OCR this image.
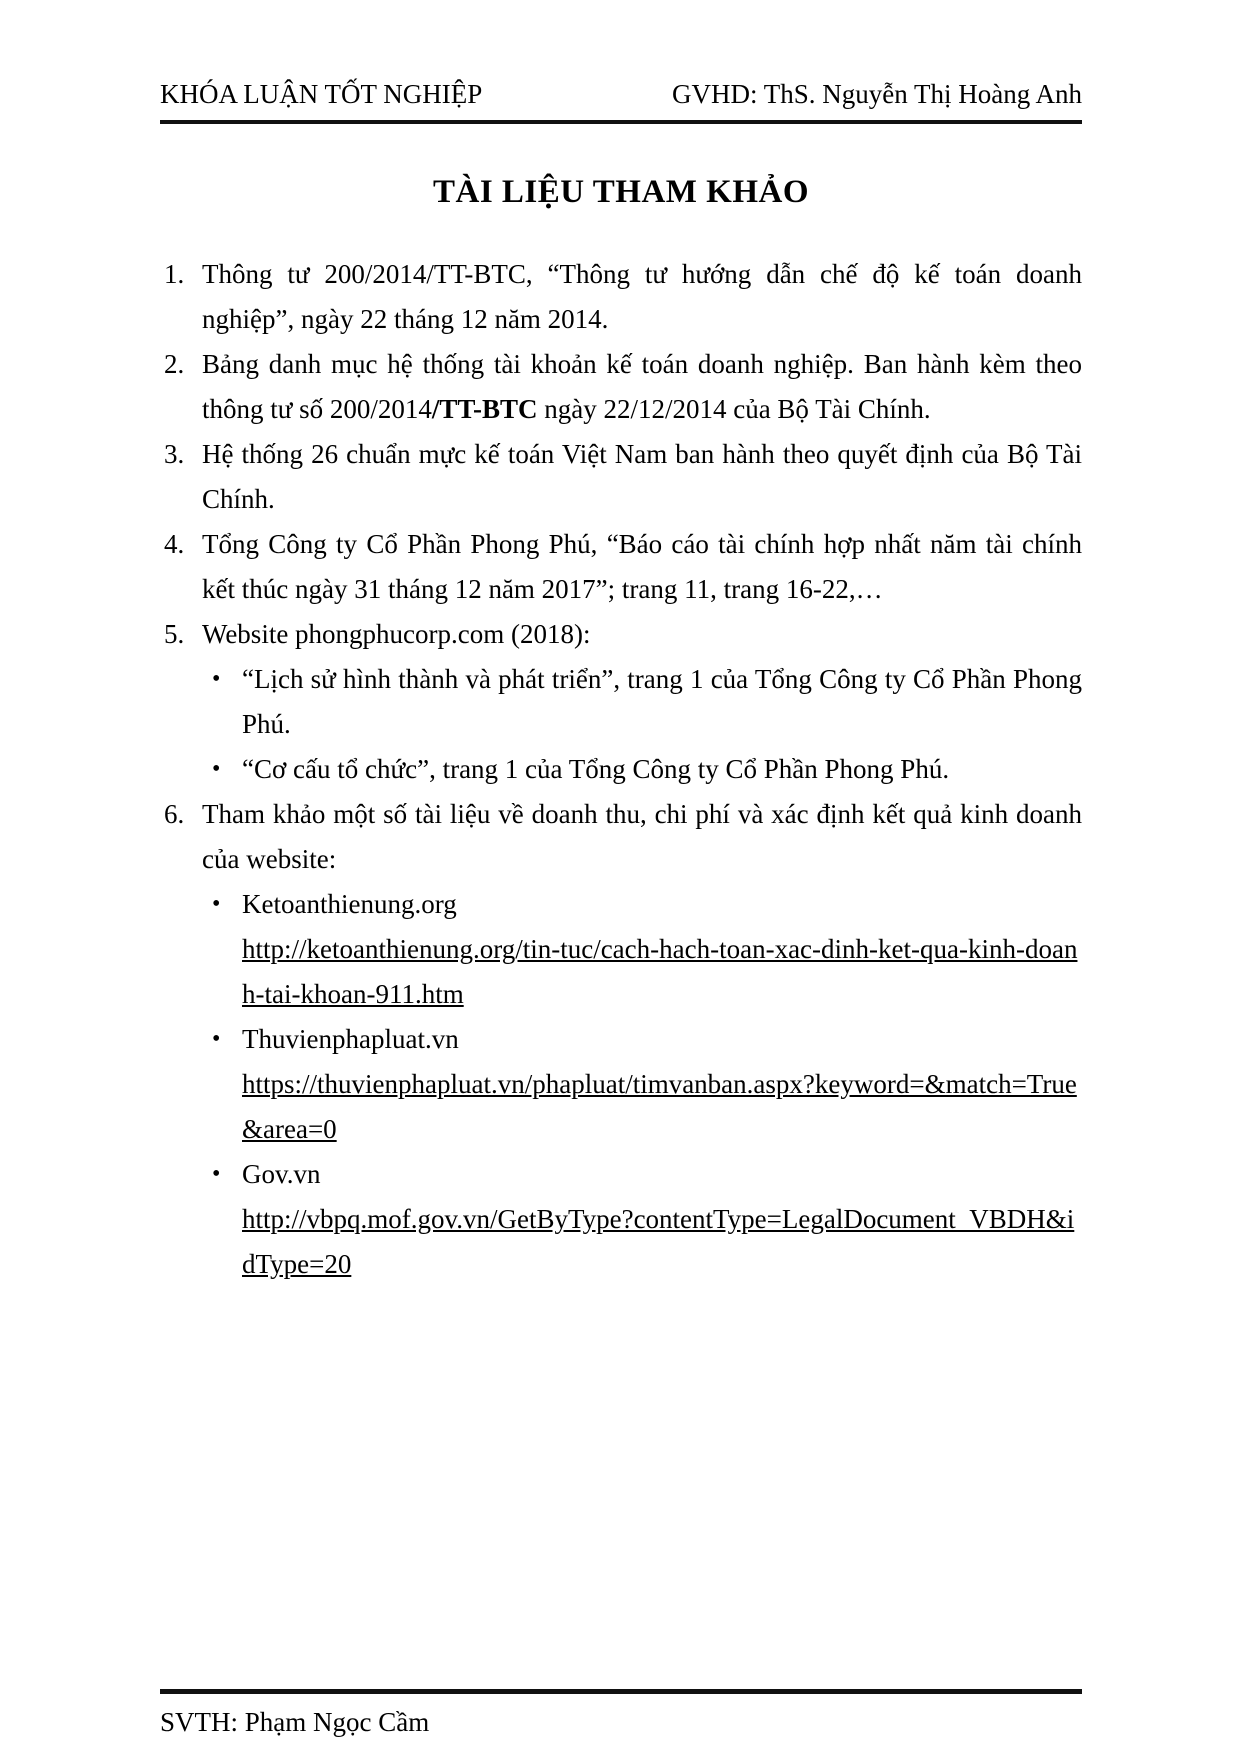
KHÓA LUẬN TỐT NGHIỆP	GVHD: ThS. Nguyễn Thị Hoàng Anh
TÀI LIỆU THAM KHẢO
1. Thông tư 200/2014/TT-BTC, “Thông tư hướng dẫn chế độ kế toán doanh nghiệp”, ngày 22 tháng 12 năm 2014.
2. Bảng danh mục hệ thống tài khoản kế toán doanh nghiệp. Ban hành kèm theo thông tư số 200/2014/TT-BTC ngày 22/12/2014 của Bộ Tài Chính.
3. Hệ thống 26 chuẩn mực kế toán Việt Nam ban hành theo quyết định của Bộ Tài Chính.
4. Tổng Công ty Cổ Phần Phong Phú, “Báo cáo tài chính hợp nhất năm tài chính kết thúc ngày 31 tháng 12 năm 2017”; trang 11, trang 16-22,…
5. Website phongphucorp.com (2018):
• “Lịch sử hình thành và phát triển”, trang 1 của Tổng Công ty Cổ Phần Phong Phú.
• “Cơ cấu tổ chức”, trang 1 của Tổng Công ty Cổ Phần Phong Phú.
6. Tham khảo một số tài liệu về doanh thu, chi phí và xác định kết quả kinh doanh của website:
• Ketoanthienung.org
http://ketoanthienung.org/tin-tuc/cach-hach-toan-xac-dinh-ket-qua-kinh-doanh-tai-khoan-911.htm
• Thuvienphapluat.vn
https://thuvienphapluat.vn/phapluat/timvanban.aspx?keyword=&match=True&area=0
• Gov.vn
http://vbpq.mof.gov.vn/GetByType?contentType=LegalDocument_VBDH&idType=20
SVTH: Phạm Ngọc Cầm
